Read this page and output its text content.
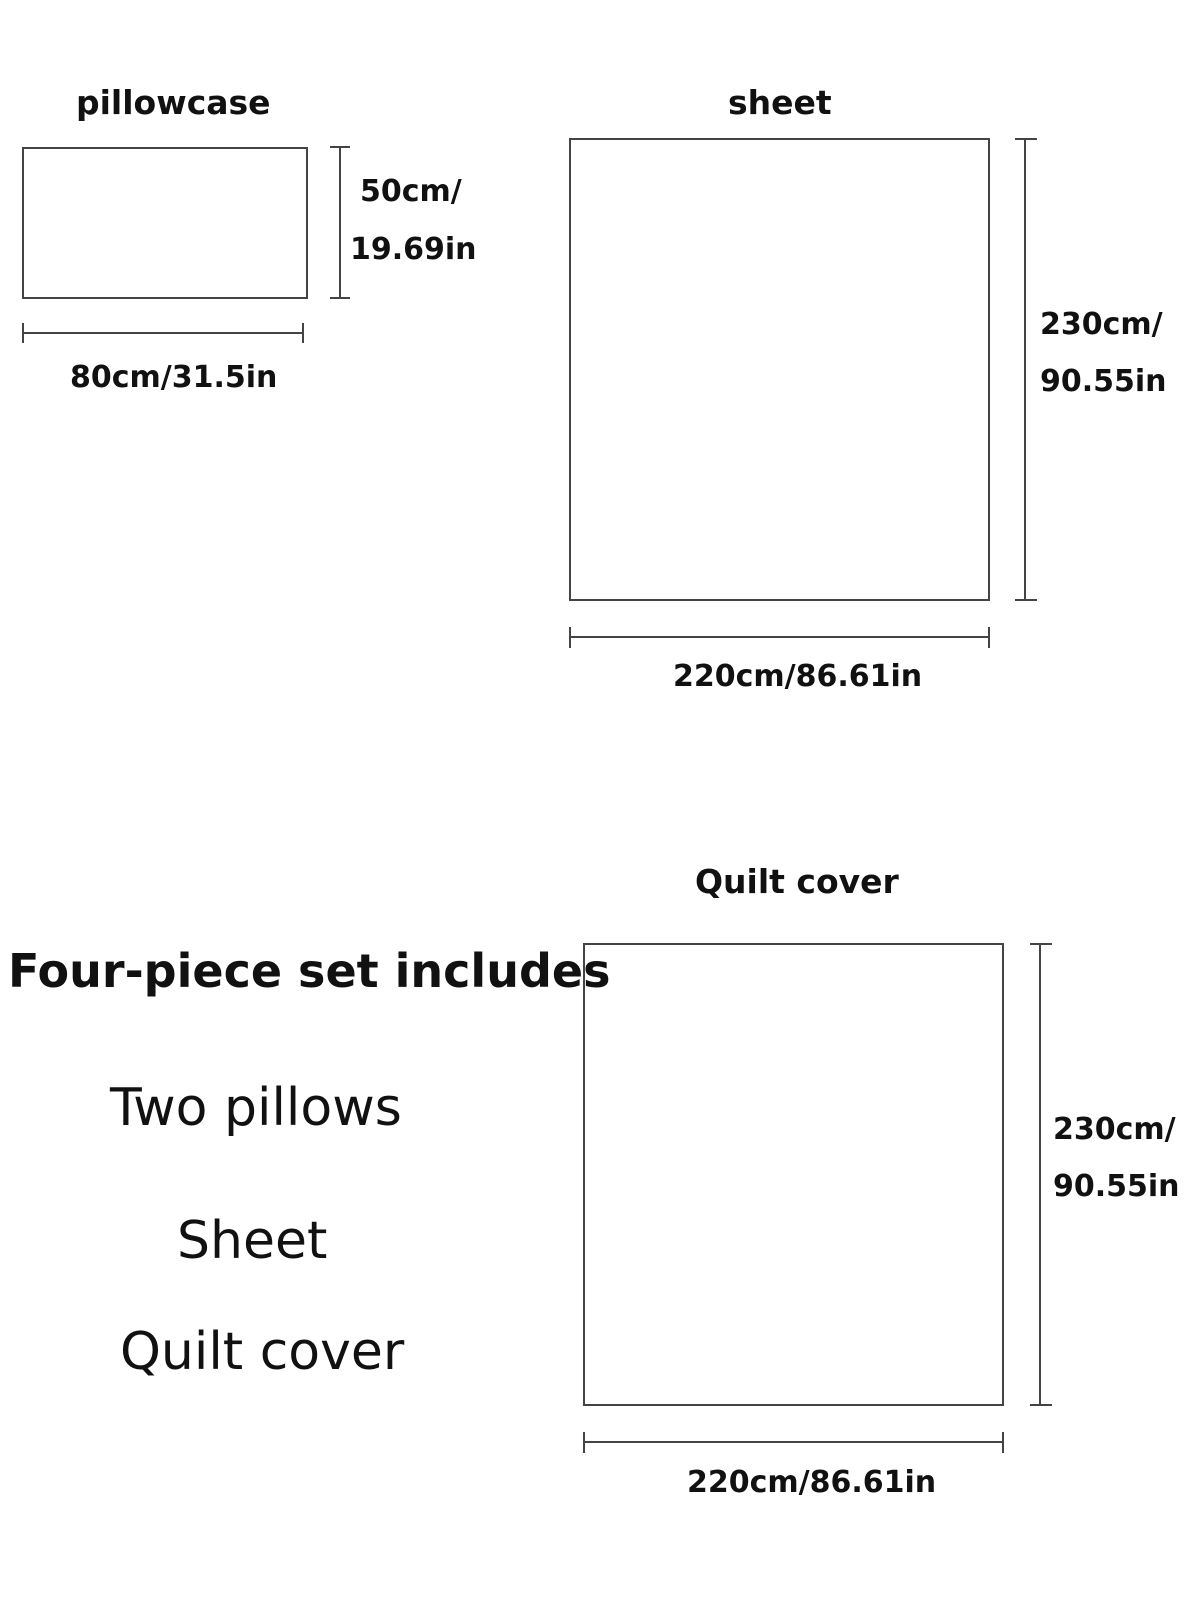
pillowcase
50cm/
19.69in
80cm/31.5in
sheet
230cm/
90.55in
220cm/86.61in
Quilt cover
230cm/
90.55in
220cm/86.61in
Four-piece set includes
Two pillows
Sheet
Quilt cover
